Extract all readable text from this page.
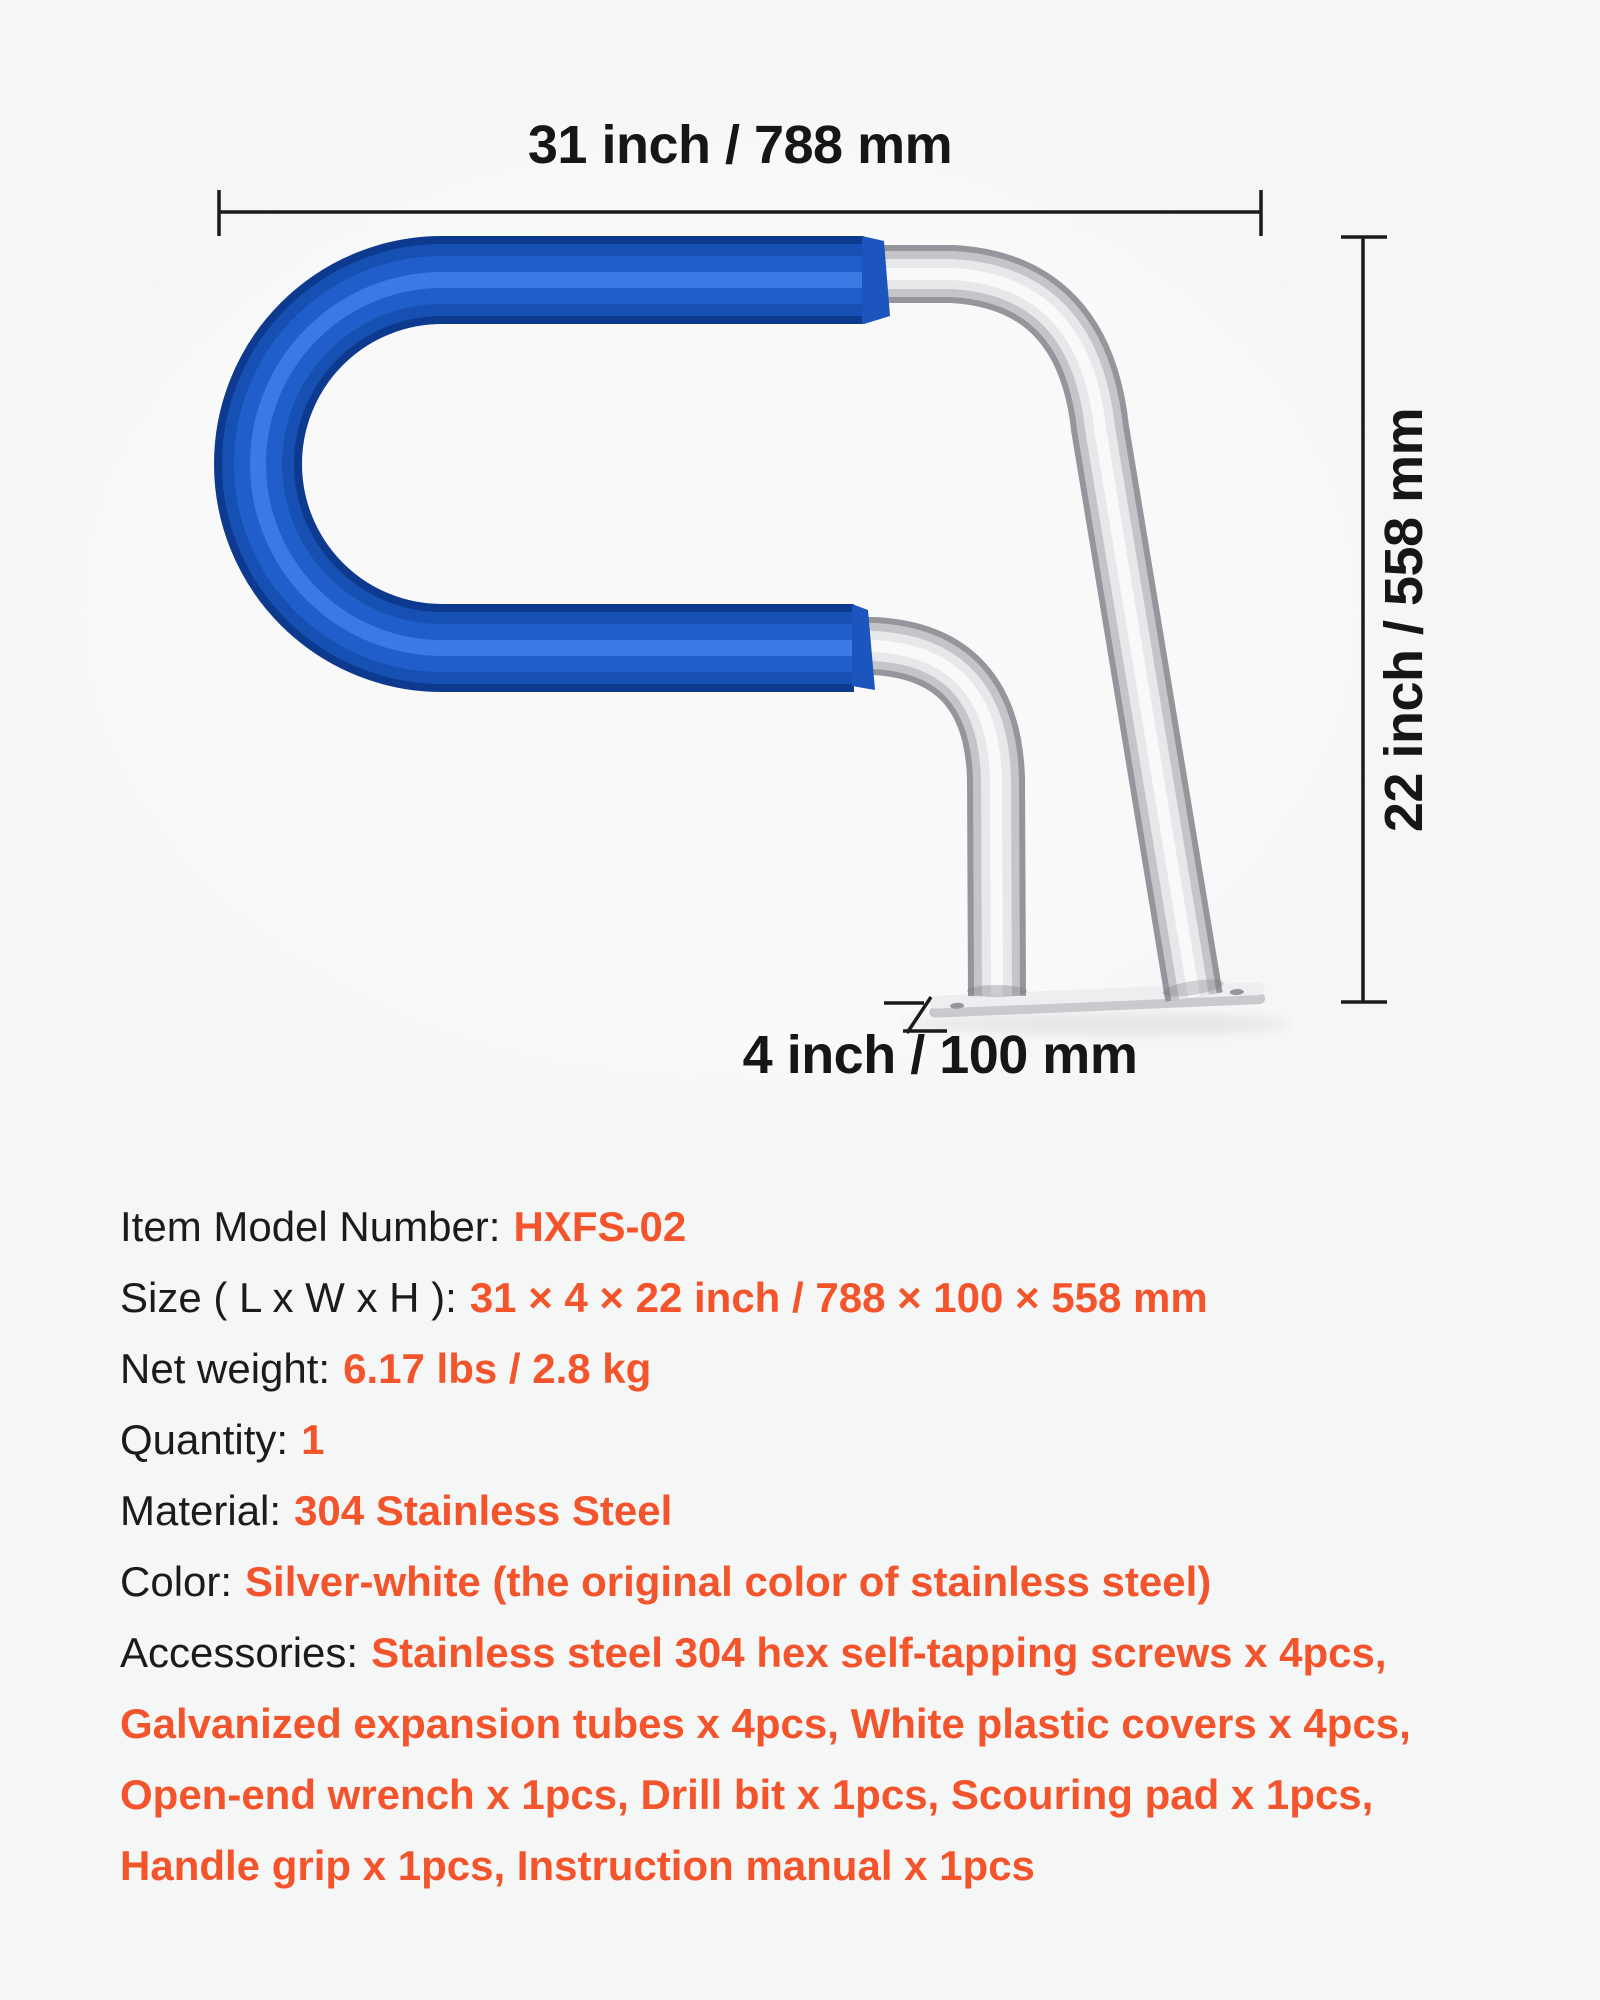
31 inch / 788 mm
22 inch / 558 mm
4 inch / 100 mm
Item Model Number: HXFS-02
Size ( L x W x H ): 31 × 4 × 22 inch / 788 × 100 × 558 mm
Net weight: 6.17 lbs / 2.8 kg
Quantity: 1
Material: 304 Stainless Steel
Color: Silver-white (the original color of stainless steel)
Accessories: Stainless steel 304 hex self-tapping screws x 4pcs,
Galvanized expansion tubes x 4pcs, White plastic covers x 4pcs,
Open-end wrench x 1pcs, Drill bit x 1pcs, Scouring pad x 1pcs,
Handle grip x 1pcs, Instruction manual x 1pcs
